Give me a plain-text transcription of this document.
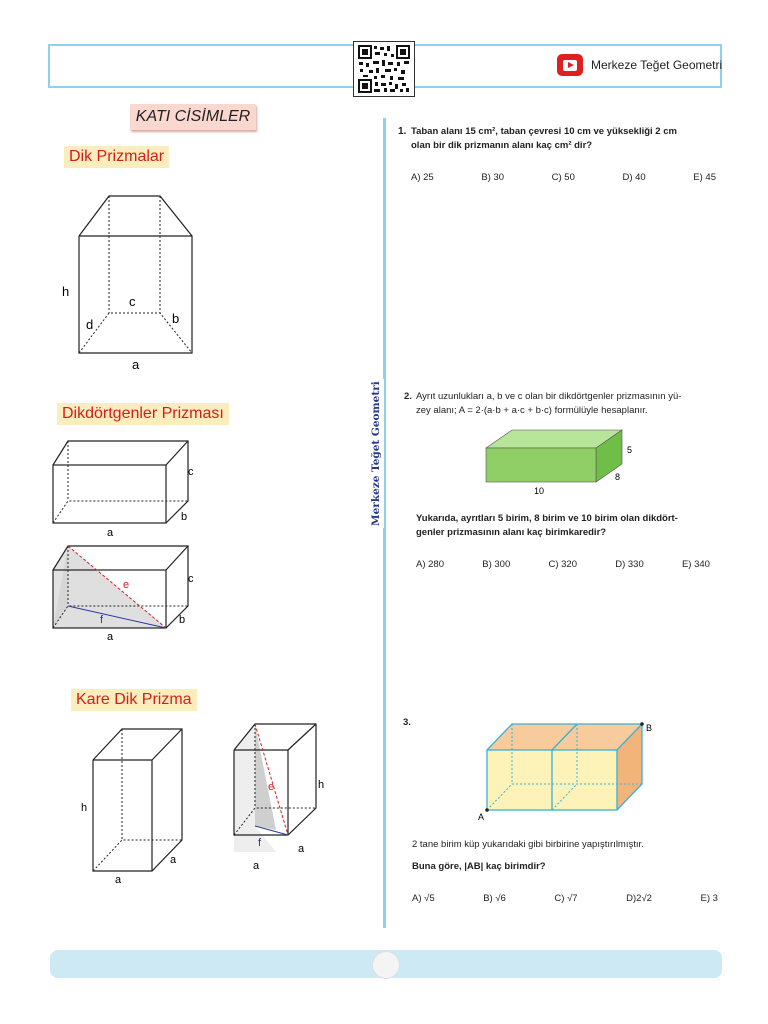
Merkeze Teğet Geometri
KATI CİSİMLER
Dik Prizmalar
Dikdörtgenler Prizması
Kare Dik Prizma
h
c
d	b
a
c
b
a
c
b
a
e
f
h
a
a
h
e
f	a
a
Merkeze Teğet Geometri
1. Taban alanı 15 cm², taban çevresi 10 cm ve yüksekliği 2 cm
olan bir dik prizmanın alanı kaç cm² dir?
A) 25	B) 30	C) 50	D) 40	E) 45
2. Ayrıt uzunlukları a, b ve c olan bir dikdörtgenler prizmasının yü-
zey alanı; A = 2·(a·b + a·c + b·c) formülüyle hesaplanır.
5
8
10
Yukarıda, ayrıtları 5 birim, 8 birim ve 10 birim olan dikdört-
genler prizmasının alanı kaç birimkaredir?
A) 280	B) 300	C) 320	D) 330	E) 340
3.
A
B
2 tane birim küp yukarıdaki gibi birbirine yapıştırılmıştır.
Buna göre, |AB| kaç birimdir?
A) √5	B) √6	C) √7	D)2√2	E) 3
